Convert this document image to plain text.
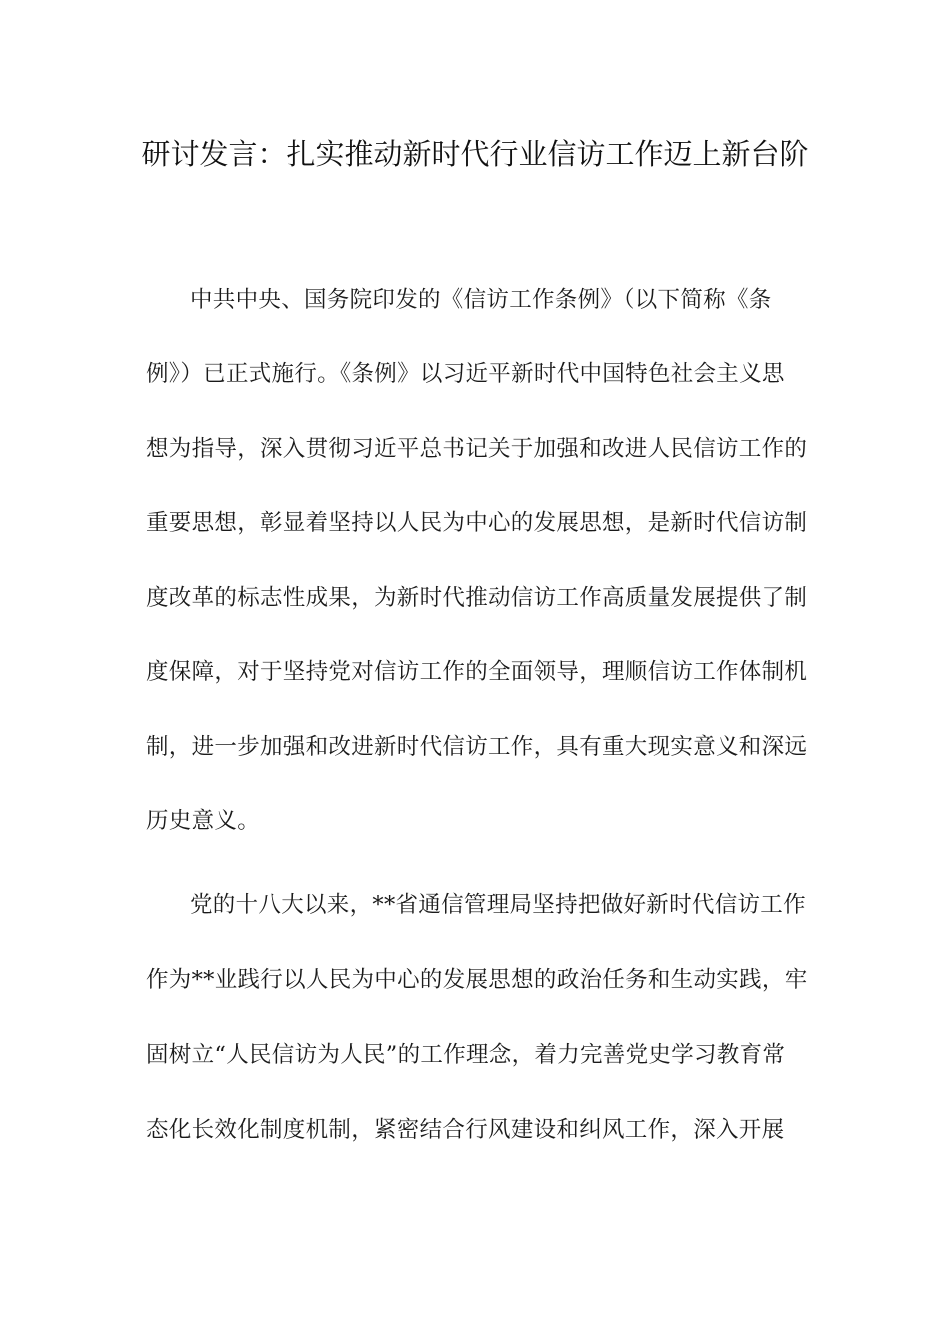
研讨发言：扎实推动新时代行业信访工作迈上新台阶
中共中央、国务院印发的《信访工作条例》（以下简称《条
例》）已正式施行。《条例》以习近平新时代中国特色社会主义思
想为指导，深入贯彻习近平总书记关于加强和改进人民信访工作的
重要思想，彰显着坚持以人民为中心的发展思想，是新时代信访制
度改革的标志性成果，为新时代推动信访工作高质量发展提供了制
度保障，对于坚持党对信访工作的全面领导，理顺信访工作体制机
制，进一步加强和改进新时代信访工作，具有重大现实意义和深远
历史意义。
党的十八大以来，**省通信管理局坚持把做好新时代信访工作
作为**业践行以人民为中心的发展思想的政治任务和生动实践，牢
固树立“人民信访为人民”的工作理念，着力完善党史学习教育常
态化长效化制度机制，紧密结合行风建设和纠风工作，深入开展
